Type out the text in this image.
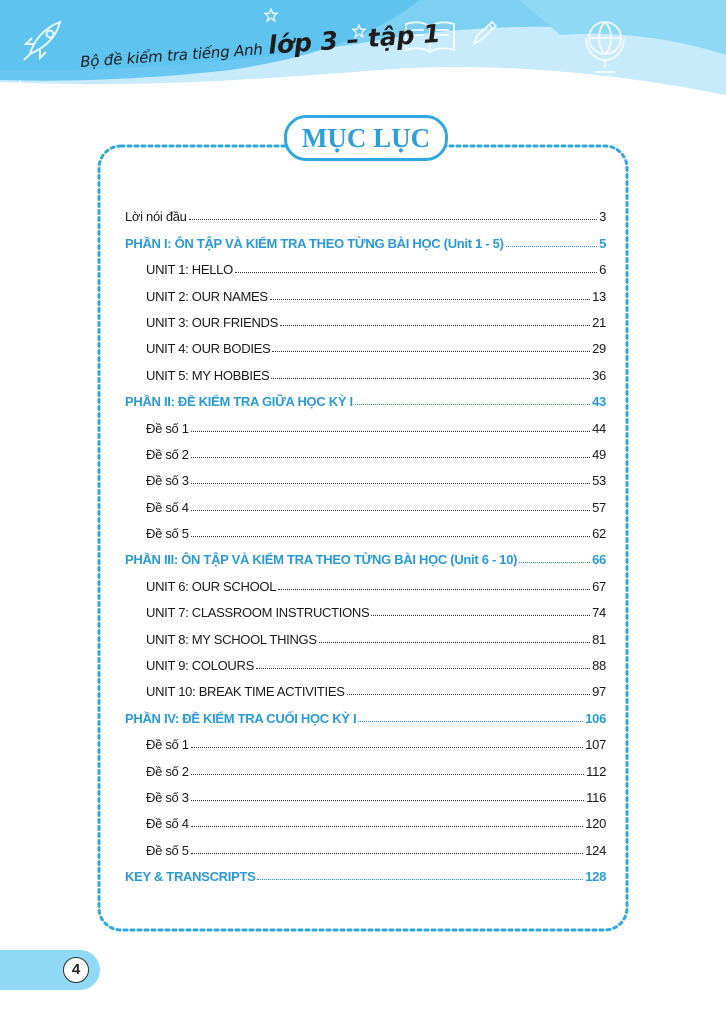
Bộ đề kiểm tra tiếng Anh lớp 3 – tập 1
MỤC LỤC
Lời nói đầu	3
PHẦN I: ÔN TẬP VÀ KIỂM TRA THEO TỪNG BÀI HỌC (Unit 1 - 5)	5
UNIT 1: HELLO	6
UNIT 2: OUR NAMES	13
UNIT 3: OUR FRIENDS	21
UNIT 4: OUR BODIES	29
UNIT 5: MY HOBBIES	36
PHẦN II: ĐỀ KIỂM TRA GIỮA HỌC KỲ I	43
Đề số 1	44
Đề số 2	49
Đề số 3	53
Đề số 4	57
Đề số 5	62
PHẦN III: ÔN TẬP VÀ KIỂM TRA THEO TỪNG BÀI HỌC (Unit 6 - 10)	66
UNIT 6: OUR SCHOOL	67
UNIT 7: CLASSROOM INSTRUCTIONS	74
UNIT 8: MY SCHOOL THINGS	81
UNIT 9: COLOURS	88
UNIT 10: BREAK TIME ACTIVITIES	97
PHẦN IV: ĐỀ KIỂM TRA CUỐI HỌC KỲ I	106
Đề số 1	107
Đề số 2	112
Đề số 3	116
Đề số 4	120
Đề số 5	124
KEY & TRANSCRIPTS	128
4
